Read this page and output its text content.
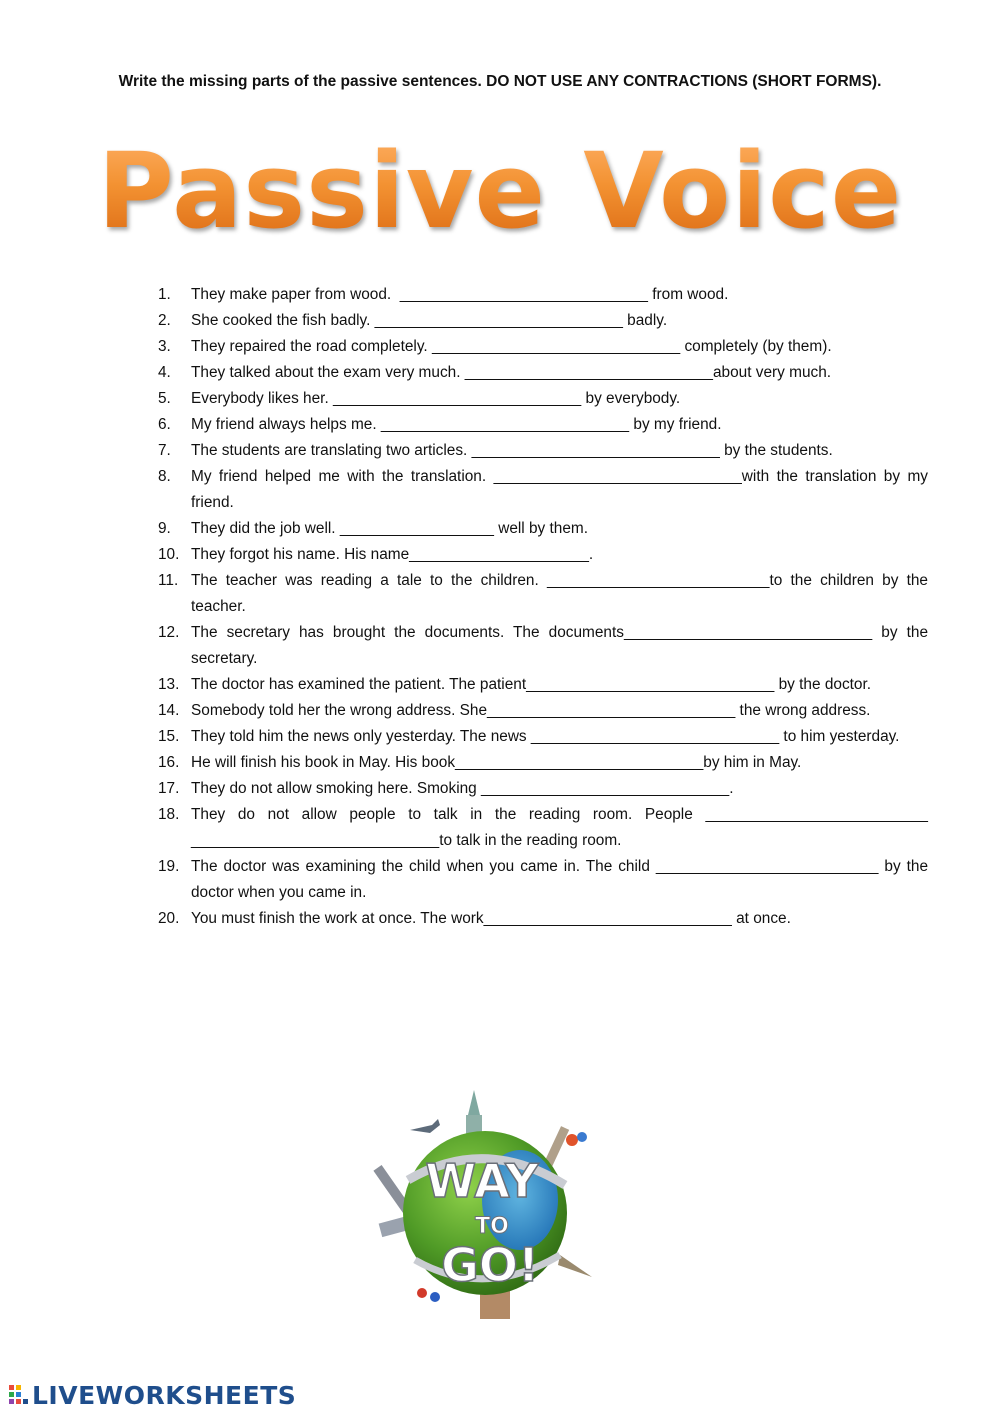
Write the missing parts of the passive sentences. DO NOT USE ANY CONTRACTIONS (SHORT FORMS).
Passive Voice
1.	They make paper from wood.  _____________________________ from wood.
2.	She cooked the fish badly. _____________________________ badly.
3.	They repaired the road completely. _____________________________ completely (by them).
4.	They talked about the exam very much. _____________________________about very much.
5.	Everybody likes her. _____________________________ by everybody.
6.	My friend always helps me. _____________________________ by my friend.
7.	The students are translating two articles. _____________________________ by the students.
8.	My friend helped me with the translation. _____________________________with the translation by my friend.
9.	They did the job well. __________________ well by them.
10. They forgot his name. His name_____________________.
11. The teacher was reading a tale to the children. __________________________to the children by the teacher.
12. The secretary has brought the documents. The documents_____________________________ by the secretary.
13. The doctor has examined the patient. The patient_____________________________ by the doctor.
14. Somebody told her the wrong address. She_____________________________ the wrong address.
15. They told him the news only yesterday. The news _____________________________ to him yesterday.
16. He will finish his book in May. His book_____________________________by him in May.
17. They do not allow smoking here. Smoking _____________________________.
18. They do not allow people to talk in the reading room. People __________________________ _____________________________to talk in the reading room.
19. The doctor was examining the child when you came in. The child __________________________ by the doctor when you came in.
20. You must finish the work at once. The work_____________________________ at once.
WAY
TO
GO!
LIVEWORKSHEETS
